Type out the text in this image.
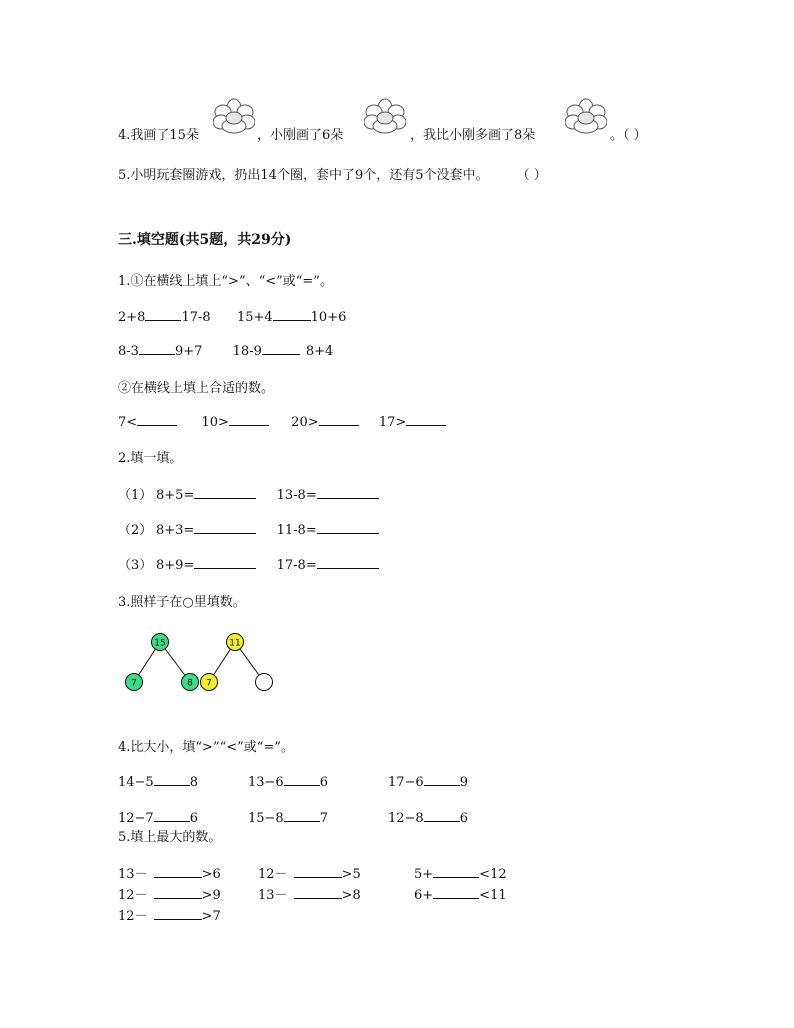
4.我画了15朵	，小刚画了6朵	，我比小刚多画了8朵	。（ ）
5.小明玩套圈游戏，扔出14个圈，套中了9个，还有5个没套中。 （ ）
三.填空题(共5题，共29分)
1.①在横线上填上“>”、“<”或“=”。
2+8	17-8 15+4	10+6
8-3	9+7 18-9	8+4
②在横线上填上合适的数。
7<	10>	20>	17>
2.填一填。
（1） 8+5=	13-8=
（2） 8+3=	11-8=
（3） 8+9=	17-8=
3.照样子在○里填数。
15
7	8
11
7
4.比大小，填“>”“<”或“=”。
14−5	8	13−6	6	17−6	9
12−7	6	15−8	7	12−8	6
5.填上最大的数。
13－	>6	12－	>5	5+	<12
12－	>9	13－	>8	6+	<11
12－	>7
